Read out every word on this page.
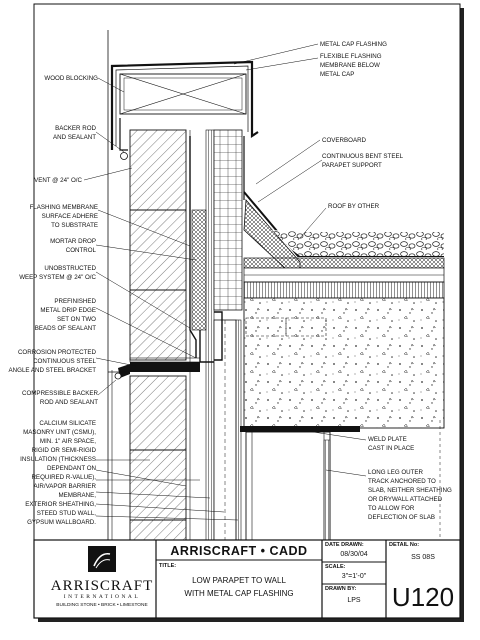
WOOD BLOCKING
BACKER ROD
AND SEALANT
VENT @ 24" O/C
FLASHING MEMBRANE
SURFACE ADHERE
TO SUBSTRATE
MORTAR DROP
CONTROL
UNOBSTRUCTED
WEEP SYSTEM @ 24" O/C
PREFINISHED
METAL DRIP EDGE
SET ON TWO
BEADS OF SEALANT
CORROSION PROTECTED
CONTINUOUS STEEL
ANGLE AND STEEL BRACKET
COMPRESSIBLE BACKER
ROD AND SEALANT
CALCIUM SILICATE
MASONRY UNIT (CSMU),
MIN. 1" AIR SPACE,
RIGID OR SEMI-RIGID
INSULATION (THICKNESS
DEPENDANT ON
REQUIRED R-VALUE),
AIR/VAPOR BARRIER
MEMBRANE,
EXTERIOR SHEATHING,
STEED STUD WALL,
GYPSUM WALLBOARD.
METAL CAP FLASHING
FLEXIBLE FLASHING
MEMBRANE BELOW
METAL CAP
COVERBOARD
CONTINUOUS BENT STEEL
PARAPET SUPPORT
ROOF BY OTHER
WELD PLATE
CAST IN PLACE
LONG LEG OUTER
TRACK ANCHORED TO
SLAB, NEITHER SHEATHING
OR DRYWALL ATTACHED
TO ALLOW FOR
DEFLECTION OF SLAB
ARRISCRAFT
INTERNATIONAL
BUILDING STONE • BRICK • LIMESTONE
ARRISCRAFT • CADD
TITLE:
LOW PARAPET TO WALL
WITH METAL CAP FLASHING
DATE DRAWN:
08/30/04
SCALE:
3"=1'-0"
DRAWN BY:
LPS
DETAIL No:
SS 08S
U120
